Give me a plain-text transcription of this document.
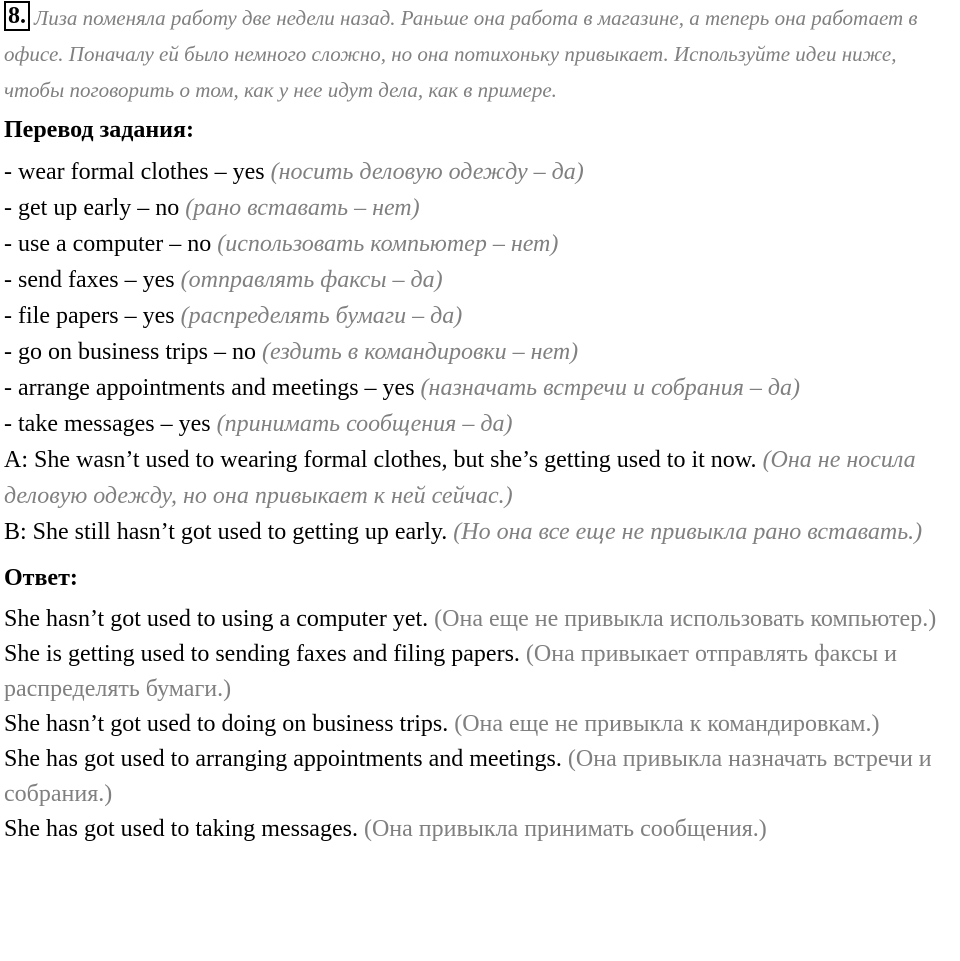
8. Лиза поменяла работу две недели назад. Раньше она работа в магазине, а теперь она работает в офисе. Поначалу ей было немного сложно, но она потихоньку привыкает. Используйте идеи ниже, чтобы поговорить о том, как у нее идут дела, как в примере.
Перевод задания:
- wear formal clothes – yes (носить деловую одежду – да)
- get up early – no (рано вставать – нет)
- use a computer – no (использовать компьютер – нет)
- send faxes – yes (отправлять факсы – да)
- file papers – yes (распределять бумаги – да)
- go on business trips – no (ездить в командировки – нет)
- arrange appointments and meetings – yes (назначать встречи и собрания – да)
- take messages – yes (принимать сообщения – да)
A: She wasn’t used to wearing formal clothes, but she’s getting used to it now. (Она не носила деловую одежду, но она привыкает к ней сейчас.)
B: She still hasn’t got used to getting up early. (Но она все еще не привыкла рано вставать.)
Ответ:
She hasn’t got used to using a computer yet. (Она еще не привыкла использовать компьютер.)
She is getting used to sending faxes and filing papers. (Она привыкает отправлять факсы и распределять бумаги.)
She hasn’t got used to doing on business trips. (Она еще не привыкла к командировкам.)
She has got used to arranging appointments and meetings. (Она привыкла назначать встречи и собрания.)
She has got used to taking messages. (Она привыкла принимать сообщения.)
